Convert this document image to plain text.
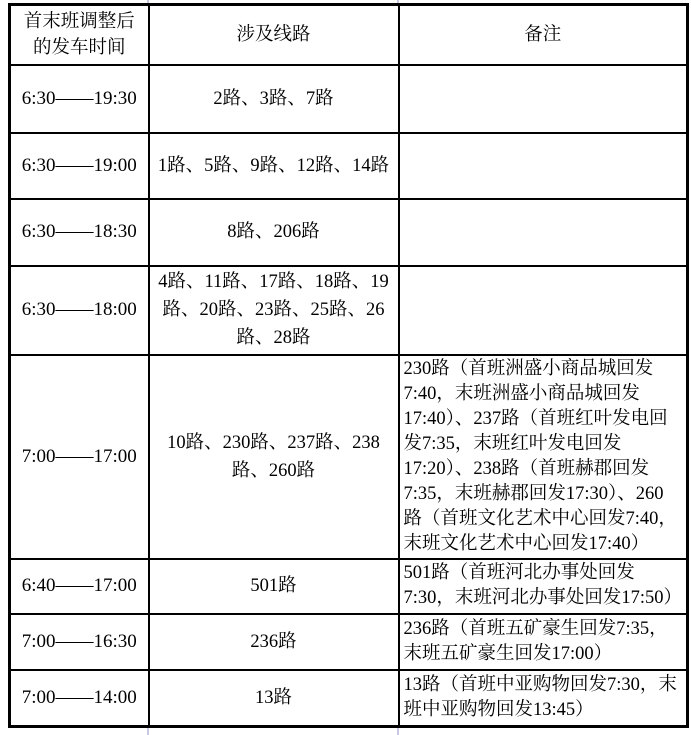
首末班调整后的发车时间	涉及线路	备注
6:30——19:30	2路、3路、7路	
6:30——19:00	1路、5路、9路、12路、14路	
6:30——18:30	8路、206路	
6:30——18:00	4路、11路、17路、18路、19路、20路、23路、25路、26路、28路	
7:00——17:00	10路、230路、237路、238路、260路	230路（首班洲盛小商品城回发7:40，末班洲盛小商品城回发17:40）、237路（首班红叶发电回发7:35，末班红叶发电回发17:20）、238路（首班赫郡回发7:35，末班赫郡回发17:30）、260路（首班文化艺术中心回发7:40，末班文化艺术中心回发17:40）
6:40——17:00	501路	501路（首班河北办事处回发7:30，末班河北办事处回发17:50）
7:00——16:30	236路	236路（首班五矿豪生回发7:35，末班五矿豪生回发17:00）
7:00——14:00	13路	13路（首班中亚购物回发7:30，末班中亚购物回发13:45）
